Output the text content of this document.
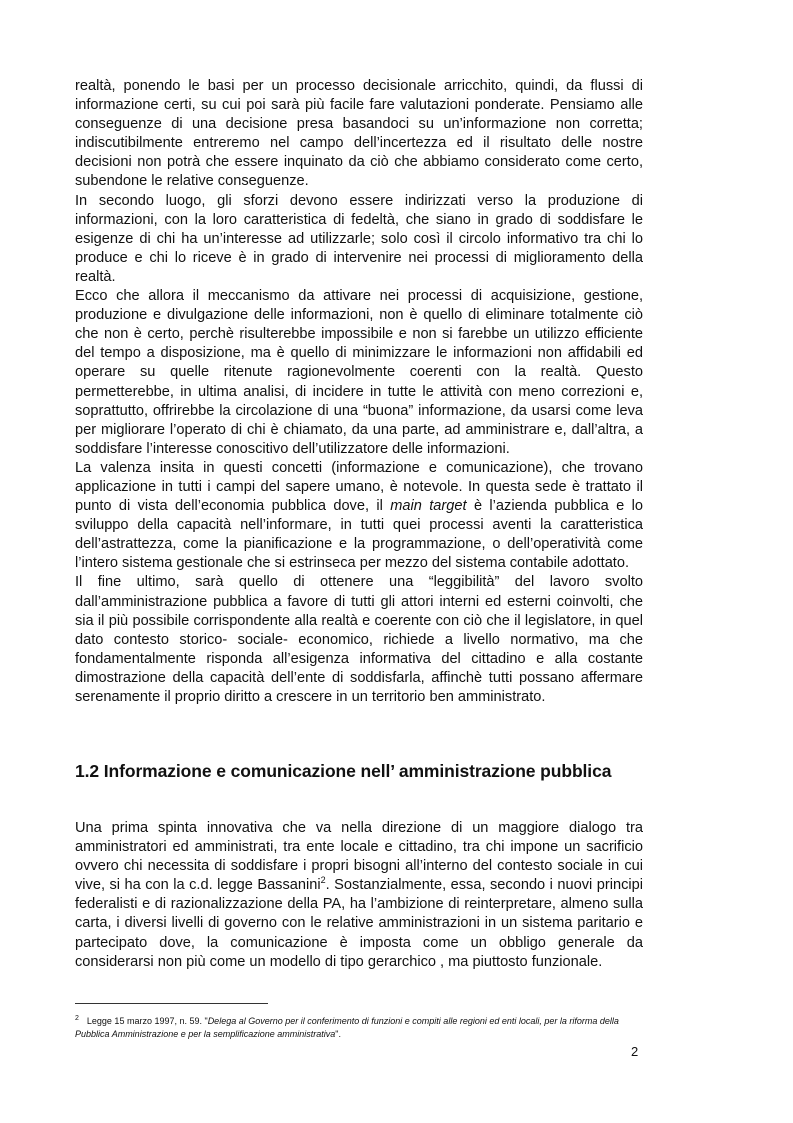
realtà, ponendo le basi per un processo decisionale arricchito, quindi, da flussi di informazione certi, su cui poi sarà più facile fare valutazioni ponderate. Pensiamo alle conseguenze di una decisione presa basandoci su un’informazione non corretta; indiscutibilmente entreremo nel campo dell’incertezza ed il risultato delle nostre decisioni non potrà che essere inquinato da ciò che abbiamo considerato come certo, subendone le relative conseguenze.

In secondo luogo, gli sforzi devono essere indirizzati verso la produzione di informazioni, con la loro caratteristica di fedeltà, che siano in grado di soddisfare le esigenze di chi ha un’interesse ad utilizzarle; solo così il circolo informativo tra chi lo produce e chi lo riceve è in grado di intervenire nei processi di miglioramento della realtà.

Ecco che allora il meccanismo da attivare nei processi di acquisizione, gestione, produzione e divulgazione delle informazioni, non è quello di eliminare totalmente ciò che non è certo, perchè risulterebbe impossibile e non si farebbe un utilizzo efficiente del tempo a disposizione, ma è quello di minimizzare le informazioni non affidabili ed operare su quelle ritenute ragionevolmente coerenti con la realtà. Questo permetterebbe, in ultima analisi, di incidere in tutte le attività con meno correzioni e, soprattutto, offrirebbe la circolazione di una “buona” informazione, da usarsi come leva per migliorare l’operato di chi è chiamato, da una parte, ad amministrare e, dall’altra, a soddisfare l’interesse conoscitivo dell’utilizzatore delle informazioni.

La valenza insita in questi concetti (informazione e comunicazione), che trovano applicazione in tutti i campi del sapere umano, è notevole. In questa sede è trattato il punto di vista dell’economia pubblica dove, il main target è l’azienda pubblica e lo sviluppo della capacità nell’informare, in tutti quei processi aventi la caratteristica dell’astrattezza, come la pianificazione e la programmazione, o dell’operatività come l’intero sistema gestionale che si estrinseca per mezzo del sistema contabile adottato.

Il fine ultimo, sarà quello di ottenere una “leggibilità” del lavoro svolto dall’amministrazione pubblica a favore di tutti gli attori interni ed esterni coinvolti, che sia il più possibile corrispondente alla realtà e coerente con ciò che il legislatore, in quel dato contesto storico- sociale- economico, richiede a livello normativo, ma che fondamentalmente risponda all’esigenza informativa del cittadino e alla costante dimostrazione della capacità dell’ente di soddisfarla, affinchè tutti possano affermare serenamente il proprio diritto a crescere in un territorio ben amministrato.

1.2 Informazione e comunicazione nell’ amministrazione pubblica

Una prima spinta innovativa che va nella direzione di un maggiore dialogo tra amministratori ed amministrati, tra ente locale e cittadino, tra chi impone un sacrificio ovvero chi necessita di soddisfare i propri bisogni all’interno del contesto sociale in cui vive, si ha con la c.d. legge Bassanini$^2$. Sostanzialmente, essa, secondo i nuovi principi federalisti e di razionalizzazione della PA, ha l’ambizione di reinterpretare, almeno sulla carta, i diversi livelli di governo con le relative amministrazioni in un sistema paritario e partecipato dove, la comunicazione è imposta come un obbligo generale da considerarsi non più come un modello di tipo gerarchico , ma piuttosto funzionale.

$^2$ Legge 15 marzo 1997, n. 59. "Delega al Governo per il conferimento di funzioni e compiti alle regioni ed enti locali, per la riforma della Pubblica Amministrazione e per la semplificazione amministrativa".

2
